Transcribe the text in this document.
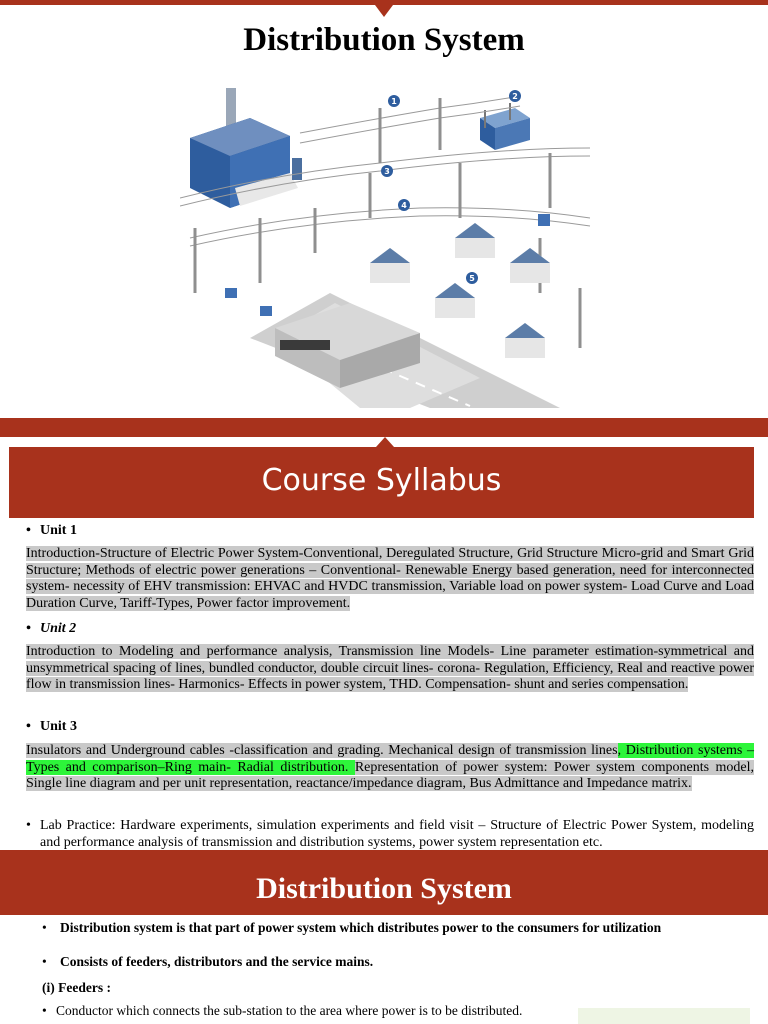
Distribution System
1
2
3
4
5
Course Syllabus
• Unit 1
Introduction-Structure of Electric Power System-Conventional, Deregulated Structure, Grid Structure Micro-grid and Smart Grid Structure; Methods of electric power generations – Conventional- Renewable Energy based generation, need for interconnected system- necessity of EHV transmission: EHVAC and HVDC transmission, Variable load on power system- Load Curve and Load Duration Curve, Tariff-Types, Power factor improvement.
• Unit 2
Introduction to Modeling and performance analysis, Transmission line Models- Line parameter estimation-symmetrical and unsymmetrical spacing of lines, bundled conductor, double circuit lines- corona- Regulation, Efficiency, Real and reactive power flow in transmission lines- Harmonics- Effects in power system, THD. Compensation- shunt and series compensation.
• Unit 3
Insulators and Underground cables -classification and grading. Mechanical design of transmission lines, Distribution systems –Types and comparison–Ring main- Radial distribution. Representation of power system: Power system components model, Single line diagram and per unit representation, reactance/impedance diagram, Bus Admittance and Impedance matrix.
• Lab Practice: Hardware experiments, simulation experiments and field visit – Structure of Electric Power System, modeling and performance analysis of transmission and distribution systems, power system representation etc.
Distribution System
• Distribution system is that part of power system which distributes power to the consumers for utilization
• Consists of feeders, distributors and the service mains.
(i) Feeders :
• Conductor which connects the sub-station to the area where power is to be distributed.
